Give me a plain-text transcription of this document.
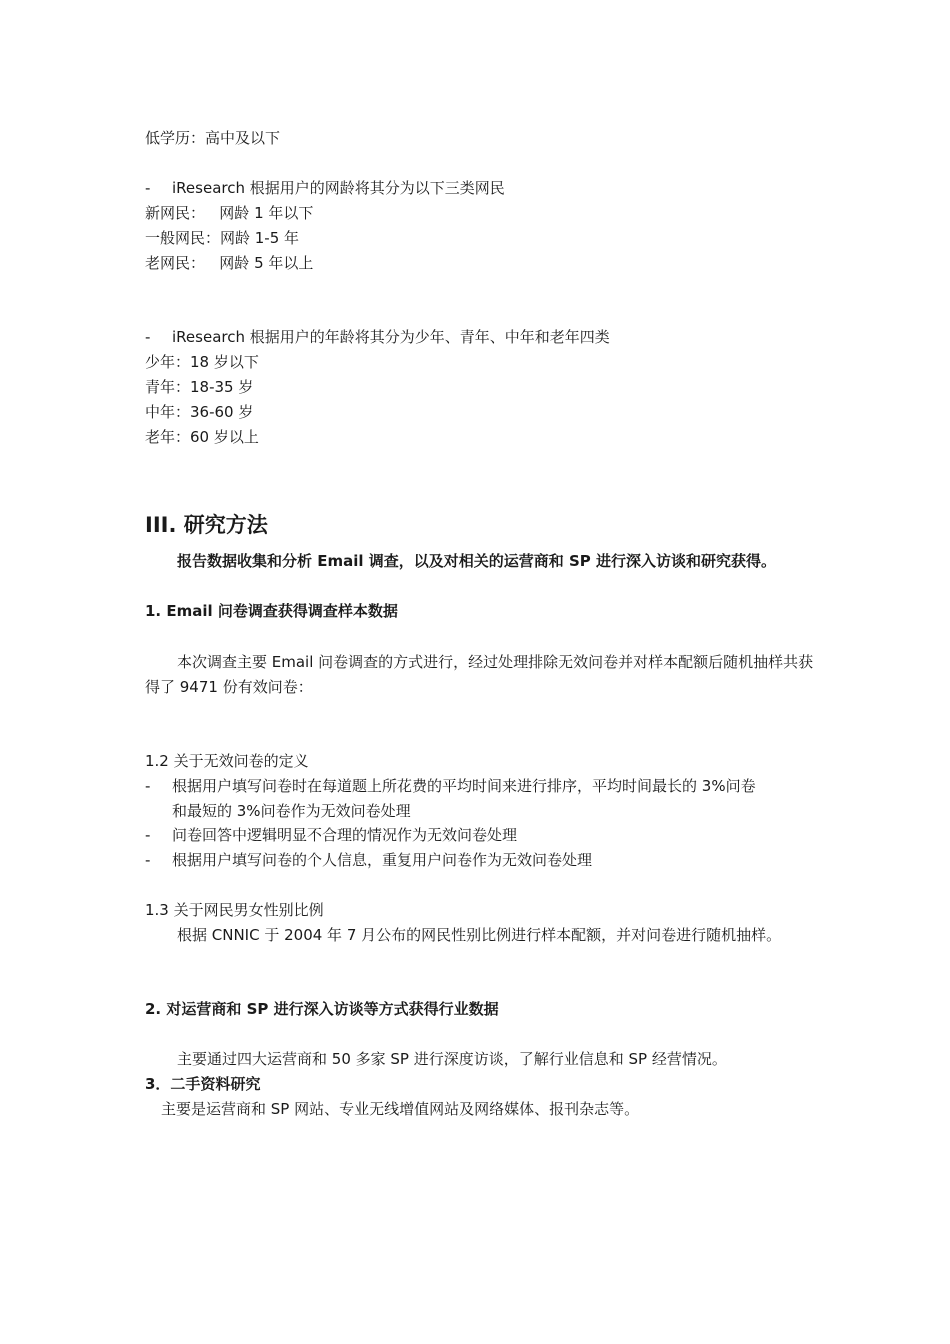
低学历：高中及以下
- iResearch 根据用户的网龄将其分为以下三类网民
新网民：   网龄 1 年以下
一般网民：网龄 1-5 年
老网民：   网龄 5 年以上
- iResearch 根据用户的年龄将其分为少年、青年、中年和老年四类
少年：18 岁以下
青年：18-35 岁
中年：36-60 岁
老年：60 岁以上
III. 研究方法
报告数据收集和分析 Email 调查，以及对相关的运营商和 SP 进行深入访谈和研究获得。
1. Email 问卷调查获得调查样本数据
本次调查主要 Email 问卷调查的方式进行，经过处理排除无效问卷并对样本配额后随机抽样共获得了 9471 份有效问卷：
1.2 关于无效问卷的定义
- 根据用户填写问卷时在每道题上所花费的平均时间来进行排序，平均时间最长的 3%问卷
和最短的 3%问卷作为无效问卷处理
- 问卷回答中逻辑明显不合理的情况作为无效问卷处理
- 根据用户填写问卷的个人信息，重复用户问卷作为无效问卷处理
1.3 关于网民男女性别比例
根据 CNNIC 于 2004 年 7 月公布的网民性别比例进行样本配额，并对问卷进行随机抽样。
2. 对运营商和 SP 进行深入访谈等方式获得行业数据
主要通过四大运营商和 50 多家 SP 进行深度访谈，了解行业信息和 SP 经营情况。
3．二手资料研究
主要是运营商和 SP 网站、专业无线增值网站及网络媒体、报刊杂志等。
